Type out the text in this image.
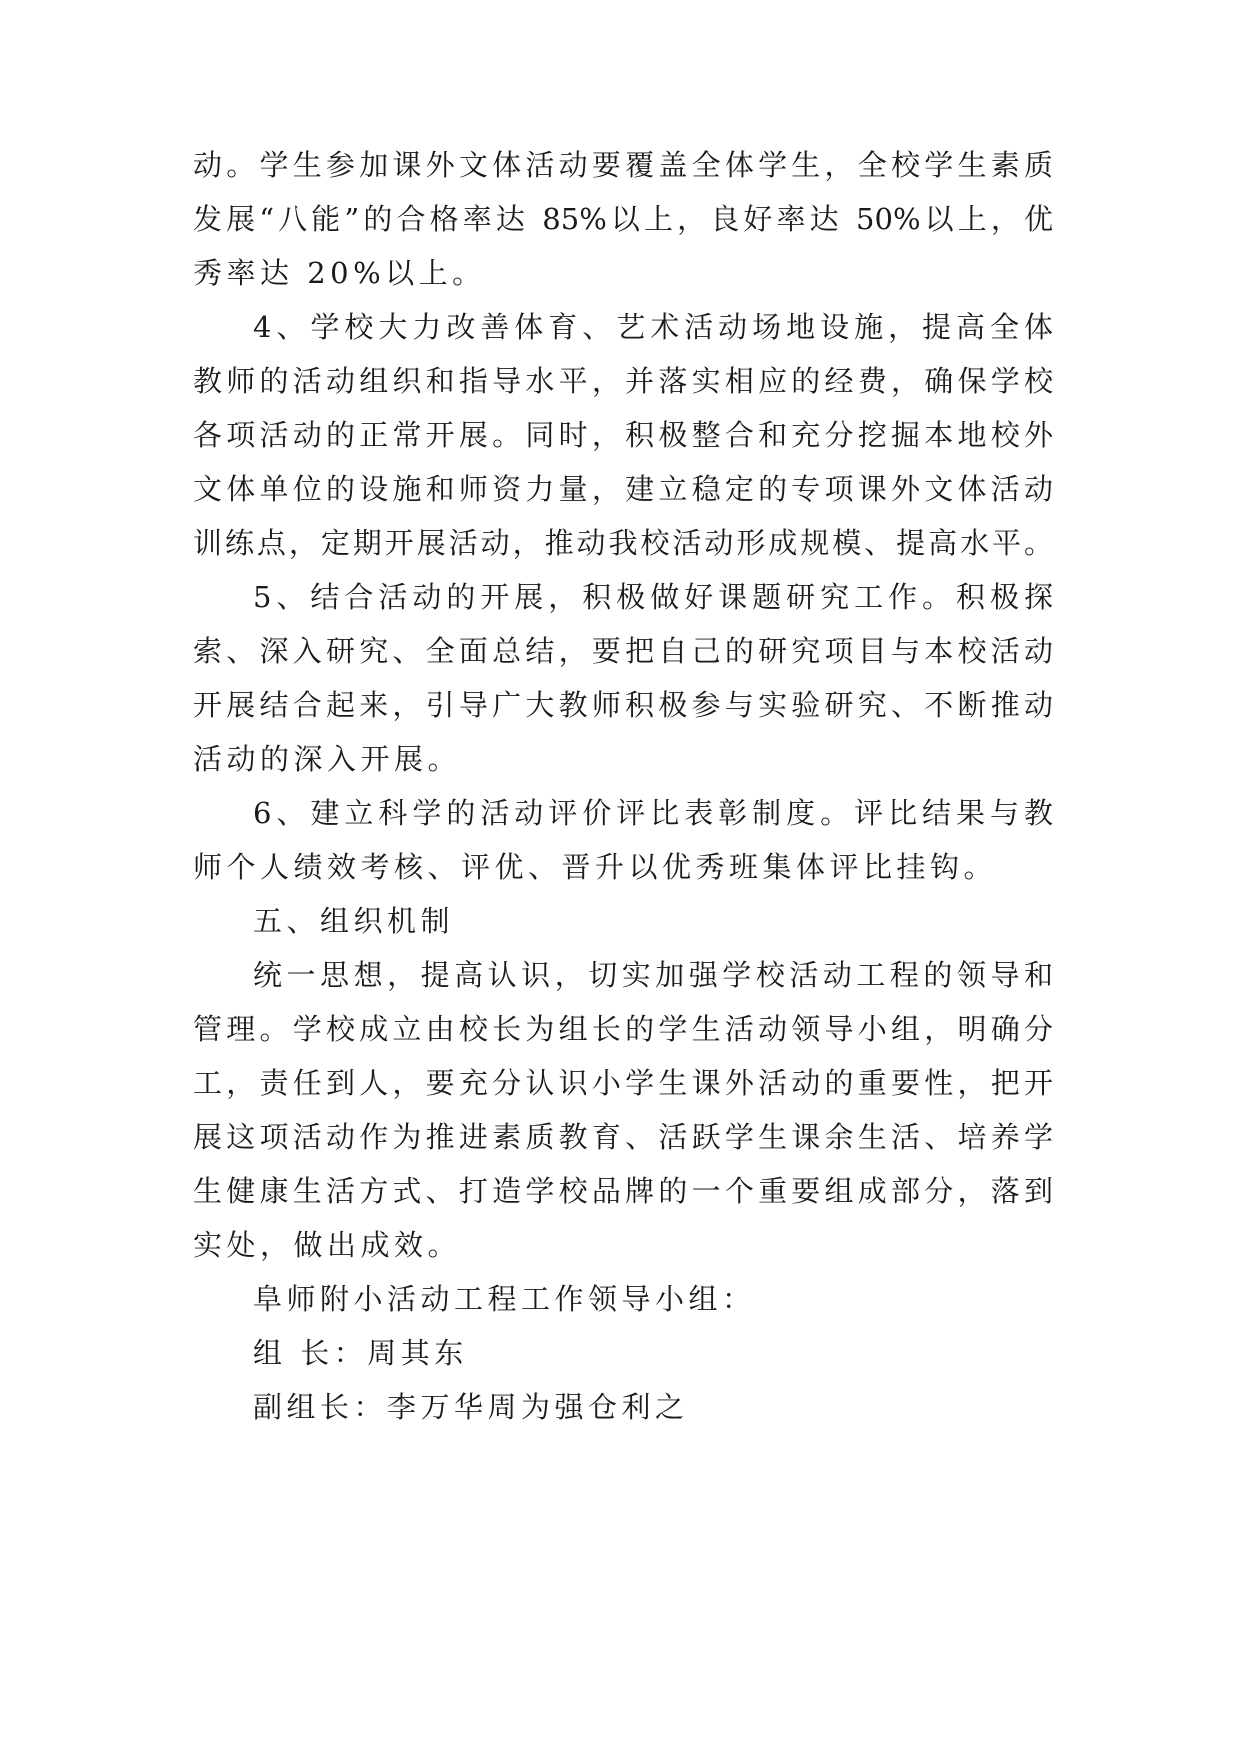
动。学生参加课外文体活动要覆盖全体学生，全校学生素质
发展“八能”的合格率达 85%以上，良好率达 50%以上，优
秀率达 20%以上。
4、学校大力改善体育、艺术活动场地设施，提高全体
教师的活动组织和指导水平，并落实相应的经费，确保学校
各项活动的正常开展。同时，积极整合和充分挖掘本地校外
文体单位的设施和师资力量，建立稳定的专项课外文体活动
训练点，定期开展活动，推动我校活动形成规模、提高水平。
5、结合活动的开展，积极做好课题研究工作。积极探
索、深入研究、全面总结，要把自己的研究项目与本校活动
开展结合起来，引导广大教师积极参与实验研究、不断推动
活动的深入开展。
6、建立科学的活动评价评比表彰制度。评比结果与教
师个人绩效考核、评优、晋升以优秀班集体评比挂钩。
五、组织机制
统一思想，提高认识，切实加强学校活动工程的领导和
管理。学校成立由校长为组长的学生活动领导小组，明确分
工，责任到人，要充分认识小学生课外活动的重要性，把开
展这项活动作为推进素质教育、活跃学生课余生活、培养学
生健康生活方式、打造学校品牌的一个重要组成部分，落到
实处，做出成效。
阜师附小活动工程工作领导小组：
组 长：周其东
副组长：李万华周为强仓利之
